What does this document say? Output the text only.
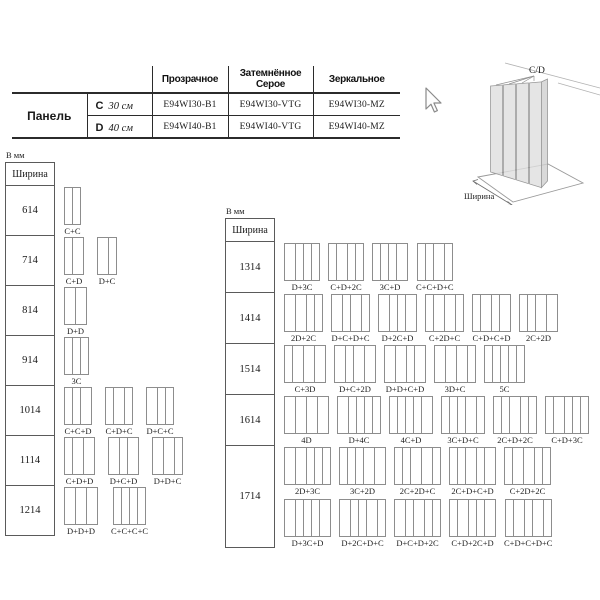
		Прозрачное	Затемнённое Серое	Зеркальное
Панель	C 30 см	E94WI30-B1	E94WI30-VTG	E94WI30-MZ
	D 40 см	E94WI40-B1	E94WI40-VTG	E94WI40-MZ
C/D
Ширина
В мм
Ширина
614
C+C
714
C+D D+C
814
D+D
914
3C
1014
C+C+D C+D+C D+C+C
1114
C+D+D D+C+D D+D+C
1214
D+D+D C+C+C+C
В мм
Ширина
1314
D+3C C+D+2C 3C+D C+C+D+C
1414
2D+2C D+C+D+C D+2C+D C+2D+C C+D+C+D 2C+2D
1514
C+3D	D+C+2D D+D+C+D 3D+C	5C
1614
4D	D+4C	4C+D	3C+D+C 2C+D+2C C+D+3C
1714	2D+3C	3C+2D	2C+2D+C 2C+D+C+D C+2D+2C
D+3C+D D+2C+D+C D+C+D+2C C+D+2C+D C+D+C+D+C
